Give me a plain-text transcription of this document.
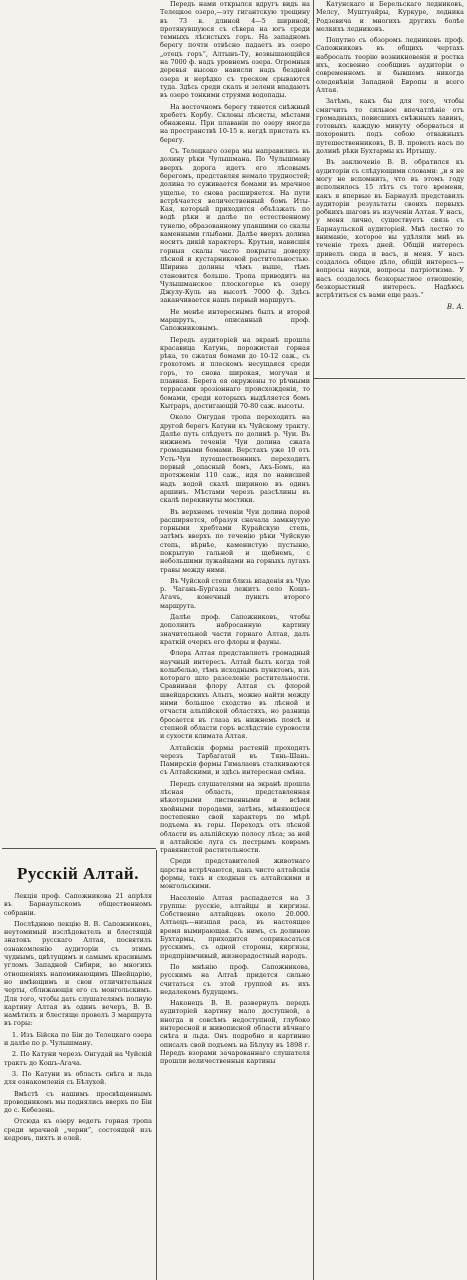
Русскiй Алтай.

Лекцiя проф. Сапожникова 21 апрѣля въ Барнаульскомъ общественномъ собранiи.

Послѣднюю лекцiю В. В. Сапожниковъ, неутомимый изслѣдователь и блестящiй знатокъ русскаго Алтая, посвятилъ ознакомленiю аудиторiи съ этимъ чуднымъ, цвѣтущимъ и самымъ красивымъ угломъ Западной Сибири, во многихъ отношенiяхъ напоминающимъ Швейцарiю, но имѣющимъ и свои отличительныя черты, сближающiя его съ монгольскимъ. Для того, чтобы дать слушателямъ полную картину Алтая въ одинъ вечеръ, В. В. намѣтилъ и блестяще провелъ 3 маршрута въ горы:

1. Изъ Бiйска по Бiи до Телецкаго озера и далѣе по р. Чулышману.

2. По Катуни черезъ Онгудай на Чуйскiй трактъ до Кошъ-Агача.

3. По Катуни въ область снѣга и льда для ознакомленiя съ Бѣлухой.

Вмѣстѣ съ нашимъ просвѣщеннымъ проводникомъ мы поднялись вверхъ по Бiи до с. Кебезень.

Отсюда къ озеру ведетъ горная тропа среди мрачной „черни“, состоящей изъ кедровъ, пихтъ и елей.

Передъ нами открылся вдругъ видъ на Телецкое озеро,—эту гигантскую трещину въ 73 в. длиной 4—5 шириной, протянувшуюся съ сѣвера на югъ среди темныхъ лѣсистыхъ горъ. На западномъ берегу почти отвѣсно падаетъ въ озеро „отецъ горъ“, Алтынъ-Ту, возвышающiйся на 7000 ф. надъ уровнемъ озера. Огромныя деревья высоко нависли надъ бездной озера и нерѣдко съ треском срываются туда. Здѣсь среди скалъ и зелени впадаютъ въ озеро тонкими струями водопады.

На восточномъ берегу тянется снѣжный хребетъ Корбу. Склоны лѣсисты, мѣстами обнажены. При плаванiи по озеру иногда на пространствѣ 10-15 в. негдѣ пристать къ берегу.

Съ Телецкаго озера мы направились въ долину рѣки Чулышмана. По Чулышману вверхъ дорога идетъ его лѣсовымъ берегомъ, представляя немало трудностей; долина то суживается бомами въ мрачное ущелье, то снова расширяется. На пути встрѣчается величественный бомъ Иты-Кая, который приходится объѣзжать по водѣ рѣки и далѣе по естественному тунелю, образованному упавшими со скалы каменными глыбами. Далѣе вверхъ долина носитъ дикiй характеръ. Крутыя, нависшiя горныя скалы часто покрыты доверху лѣсной и кустарниковой растительностью. Ширина долины чѣмъ выше, тѣмъ становится больше. Тропа приводитъ на Чулышманское плоскогорье къ озеру Джулу-Куль на высотѣ 7000 ф. Здѣсь заканчивается нашъ первый маршрутъ.

Не менѣе интереснымъ былъ и второй маршрутъ, описанный проф. Сапожниковымъ.

Передъ аудиторiей на экранѣ прошла красавица Катунь, порожистая горная рѣка, то сжатая бомами до 10-12 саж., съ грохотомъ и плескомъ несущаяся среди горъ, то снова широкая, могучая и плавная. Берега ея окружены то рѣчными террасами эрозiоннаго происхожденiя, то бомами, среди которыхъ выдѣляется бомъ Кытраръ, достигающiй 70-80 саж. высоты.

Около Онгудая тропа переходитъ на другой берегъ Катуни къ Чуйскому тракту. Далѣе путь слѣдуетъ по долинѣ р. Чуи. Въ нижнемъ теченiи Чуи долина сжата громадными бомами. Верстахъ уже 10 отъ Усть-Чуи путешественникъ переходитъ первый „опасный бомъ, Акъ-Бомъ, на протяженiи 110 саж., идя по нависшей надъ водой скалѣ шириною въ одинъ аршинъ. Мѣстами черезъ разсѣлины въ скалѣ перекинуты мостики.

Въ верхнемъ теченiи Чуи долина порой расширяется, образуя сначала замкнутую горными хребтами Курайскую степь, затѣмъ вверхъ по теченiю рѣки Чуйскую степь, вѣрнѣе, каменистую пустыню, покрытую гальной и щебнемъ, с небольшими лужайками на горныхъ лугахъ травы между ними.

Въ Чуйской степи близь впаденiя въ Чую р. Чагань-Бургазы лежитъ село Кошъ-Агачъ, конечный пунктъ второго маршрута.

Далѣе проф. Сапожниковъ, чтобы дополнить набросанную картину значительной части горнаго Алтая, далъ краткiй очеркъ его флоры и фауны.

Флора Алтая представляетъ громадный научный интересъ. Алтай былъ когда той колыбелью, тѣмъ исходнымъ пунктомъ, изъ котораго шло разселенiе растительности. Сравнивая флору Алтая съ флорой швейцарскихъ Альпъ, можно найти между ними большое сходство въ лѣсной и отчасти альпiйской областяхъ, но разница бросается въ глаза въ нижнемъ поясѣ и степной области горъ вслѣдствiе суровости и сухости климата Алтая.

Алтайскiя формы растенiй проходятъ черезъ Тарбагатай въ Тянь-Шань. Памирскiя формы Гималаевъ сталкиваются съ Алтайскими, и здѣсь интересная смѣна.

Передъ слушателями на экранѣ прошла лѣсная область, представленная нѣкоторыми лиственными и всѣми хвойными породами, затѣмъ, мѣняющiеся постепенно свой характеръ по мѣрѣ подъема въ горы. Переходъ отъ лѣсной области въ альпiйскую полосу лѣса; за ней и алтайскiе луга съ пестрымъ коврамъ травянистой растительности.

Среди представителей животнаго царства встрѣчаются, какъ чисто алтайскiя формы, такъ и сходныя съ алтайскими и монгольскими.

Населенiе Алтая распадается на 3 группы: русскiе, алтайцы и киргизы. Собственно алтайцевъ около 20.000. Алтаецъ—низшая раса, въ настоящее время вымирающая. Съ нимъ, съ долиною Бухтармы, приходится соприкасаться русскимъ, съ одной стороны, киргизы, предпрiимчивый, жизнерадостный народъ.

По мнѣнiю проф. Сапожникова, русскимъ на Алтаѣ придется сильно считаться съ этой группой въ ихъ недалекомъ будущемъ.

Наконецъ В. В. развернулъ передъ аудиторiей картину мало доступной, а иногда и совсѣмъ недоступной, глубоко интересной и живописной области вѣчнаго снѣга и льда. Онъ подробно и картинно описалъ свой подъемъ на Бѣлуху въ 1898 г. Передъ взорами зачарованнаго слушателя прошли величественныя картины

Катунскаго и Берельскаго ледниковъ, Мелсу, Муштуайры, Куркуре, ледника Родзевича и многихъ другихъ болѣе мелкихъ ледниковъ.

Попутно съ обзоромъ ледниковъ проф. Сапожниковъ въ общихъ чертахъ набросалъ теорiю возникновенiя и ростка ихъ, косвенно сообщивъ аудиторiи о современномъ и бывшемъ никогда оледенѣнiи Западной Европы и всего Алтая.

Затѣмъ, какъ бы для того, чтобы смягчить то сильное впечатлѣнiе отъ громадныхъ, повисшихъ снѣжныхъ лавинъ, готовыхъ каждую минуту оборваться и похоронить подъ собою отважныхъ путешественниковъ, В. В. провелъ насъ по долинѣ рѣки Бухтармы къ Иртышу.

Въ заключенiе В. В. обратился къ аудиторiи съ слѣдующими словами: „и я не могу не вспомнить, что въ этомъ году исполнилось 15 лѣтъ съ того времени, какъ я впервые въ Барнаулѣ представилъ аудиторiи результаты своихъ первыхъ робкихъ шаговъ въ изученiи Алтая. У насъ, у меня лично, существуетъ связь съ Барнаульской аудиторiей. Мнѣ лестно то вниманiе, которое вы удѣляли мнѣ въ теченiе трехъ дней. Общiй интересъ привелъ сюда и васъ, и меня. У насъ создалось общее дѣло, общiй интересъ—вопросы науки, вопросы патрiотизма. У насъ создалось безкорыстное отношенiе, безкорыстный интересъ. Надѣюсь встрѣтиться съ вами еще разъ.“

В. А.
